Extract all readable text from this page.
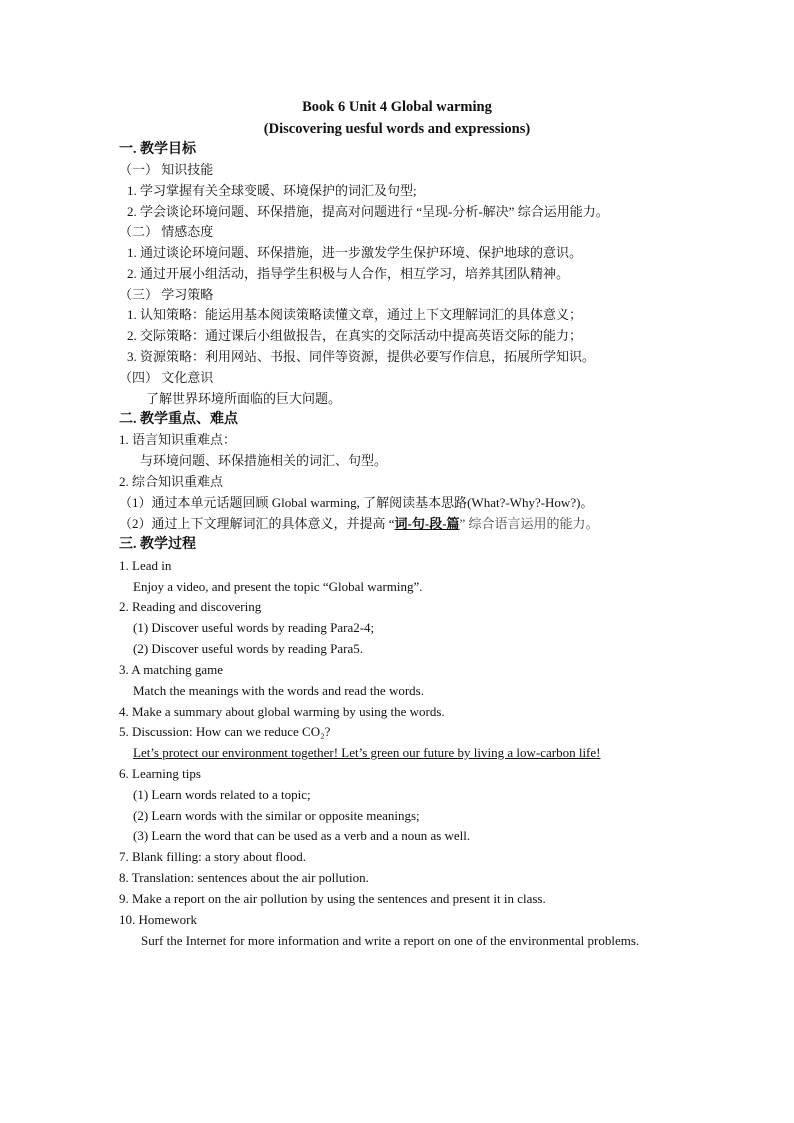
Book 6 Unit 4 Global warming
(Discovering uesful words and expressions)
一. 教学目标
（一） 知识技能
1. 学习掌握有关全球变暖、环境保护的词汇及句型;
2. 学会谈论环境问题、环保措施，提高对问题进行 “呈现-分析-解决” 综合运用能力。
（二） 情感态度
1. 通过谈论环境问题、环保措施，进一步激发学生保护环境、保护地球的意识。
2. 通过开展小组活动，指导学生积极与人合作，相互学习，培养其团队精神。
（三） 学习策略
1. 认知策略：能运用基本阅读策略读懂文章，通过上下文理解词汇的具体意义；
2. 交际策略：通过课后小组做报告，在真实的交际活动中提高英语交际的能力；
3. 资源策略：利用网站、书报、同伴等资源，提供必要写作信息，拓展所学知识。
（四） 文化意识
了解世界环境所面临的巨大问题。
二. 教学重点、难点
1. 语言知识重难点：
与环境问题、环保措施相关的词汇、句型。
2. 综合知识重难点
（1）通过本单元话题回顾 Global warming, 了解阅读基本思路(What?-Why?-How?)。
（2）通过上下文理解词汇的具体意义，并提高 “词-句-段-篇” 综合语言运用的能力。
三. 教学过程
1. Lead in
Enjoy a video, and present the topic “Global warming”.
2. Reading and discovering
(1) Discover useful words by reading Para2-4;
(2) Discover useful words by reading Para5.
3. A matching game
Match the meanings with the words and read the words.
4. Make a summary about global warming by using the words.
5. Discussion: How can we reduce CO₂?
Let’s protect our environment together! Let’s green our future by living a low-carbon life!
6. Learning tips
(1) Learn words related to a topic;
(2) Learn words with the similar or opposite meanings;
(3) Learn the word that can be used as a verb and a noun as well.
7. Blank filling: a story about flood.
8. Translation: sentences about the air pollution.
9. Make a report on the air pollution by using the sentences and present it in class.
10. Homework
Surf the Internet for more information and write a report on one of the environmental problems.
